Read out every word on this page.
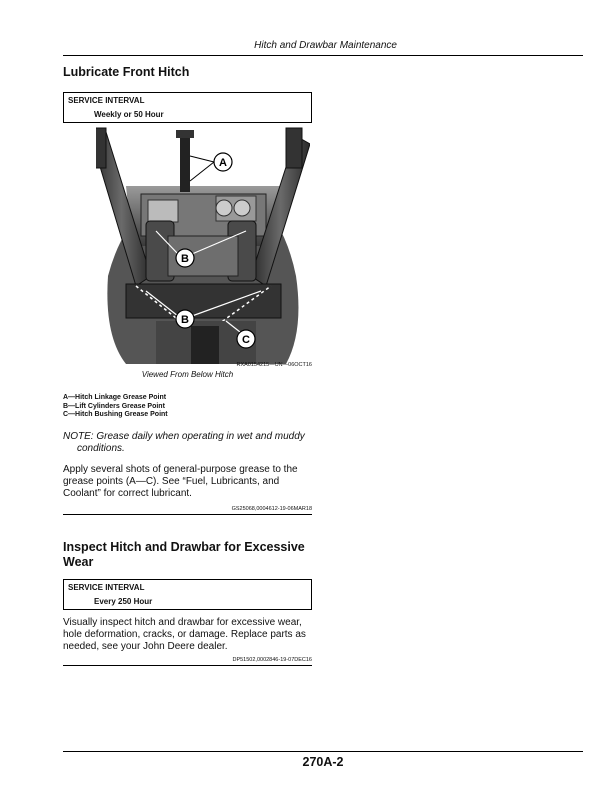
Hitch and Drawbar Maintenance
Lubricate Front Hitch
SERVICE INTERVAL
Weekly or 50 Hour
A
B
B
C
RXA0154215—UN—06OCT16
Viewed From Below Hitch
A—Hitch Linkage Grease Point
B—Lift Cylinders Grease Point
C—Hitch Bushing Grease Point
NOTE: Grease daily when operating in wet and muddy
conditions.
Apply several shots of general-purpose grease to the grease points (A—C). See “Fuel, Lubricants, and Coolant” for correct lubricant.
GS25068,0004612-19-06MAR18
Inspect Hitch and Drawbar for Excessive
Wear
SERVICE INTERVAL
Every 250 Hour
Visually inspect hitch and drawbar for excessive wear, hole deformation, cracks, or damage. Replace parts as needed, see your John Deere dealer.
DP51502,0002846-19-07DEC16
270A-2
